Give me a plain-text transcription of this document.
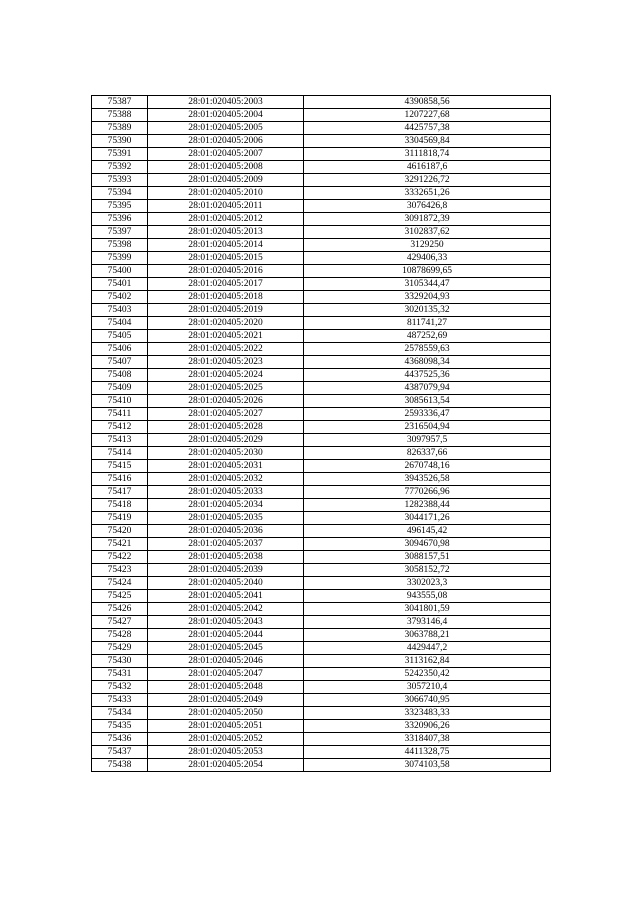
75387	28:01:020405:2003	4390858,56
75388	28:01:020405:2004	1207227,68
75389	28:01:020405:2005	4425757,38
75390	28:01:020405:2006	3304569,84
75391	28:01:020405:2007	3111818,74
75392	28:01:020405:2008	4616187,6
75393	28:01:020405:2009	3291226,72
75394	28:01:020405:2010	3332651,26
75395	28:01:020405:2011	3076426,8
75396	28:01:020405:2012	3091872,39
75397	28:01:020405:2013	3102837,62
75398	28:01:020405:2014	3129250
75399	28:01:020405:2015	429406,33
75400	28:01:020405:2016	10878699,65
75401	28:01:020405:2017	3105344,47
75402	28:01:020405:2018	3329204,93
75403	28:01:020405:2019	3020135,32
75404	28:01:020405:2020	811741,27
75405	28:01:020405:2021	487252,69
75406	28:01:020405:2022	2578559,63
75407	28:01:020405:2023	4368098,34
75408	28:01:020405:2024	4437525,36
75409	28:01:020405:2025	4387079,94
75410	28:01:020405:2026	3085613,54
75411	28:01:020405:2027	2593336,47
75412	28:01:020405:2028	2316504,94
75413	28:01:020405:2029	3097957,5
75414	28:01:020405:2030	826337,66
75415	28:01:020405:2031	2670748,16
75416	28:01:020405:2032	3943526,58
75417	28:01:020405:2033	7770266,96
75418	28:01:020405:2034	1282388,44
75419	28:01:020405:2035	3044171,26
75420	28:01:020405:2036	496145,42
75421	28:01:020405:2037	3094670,98
75422	28:01:020405:2038	3088157,51
75423	28:01:020405:2039	3058152,72
75424	28:01:020405:2040	3302023,3
75425	28:01:020405:2041	943555,08
75426	28:01:020405:2042	3041801,59
75427	28:01:020405:2043	3793146,4
75428	28:01:020405:2044	3063788,21
75429	28:01:020405:2045	4429447,2
75430	28:01:020405:2046	3113162,84
75431	28:01:020405:2047	5242350,42
75432	28:01:020405:2048	3057210,4
75433	28:01:020405:2049	3066740,95
75434	28:01:020405:2050	3323483,33
75435	28:01:020405:2051	3320906,26
75436	28:01:020405:2052	3318407,38
75437	28:01:020405:2053	4411328,75
75438	28:01:020405:2054	3074103,58
